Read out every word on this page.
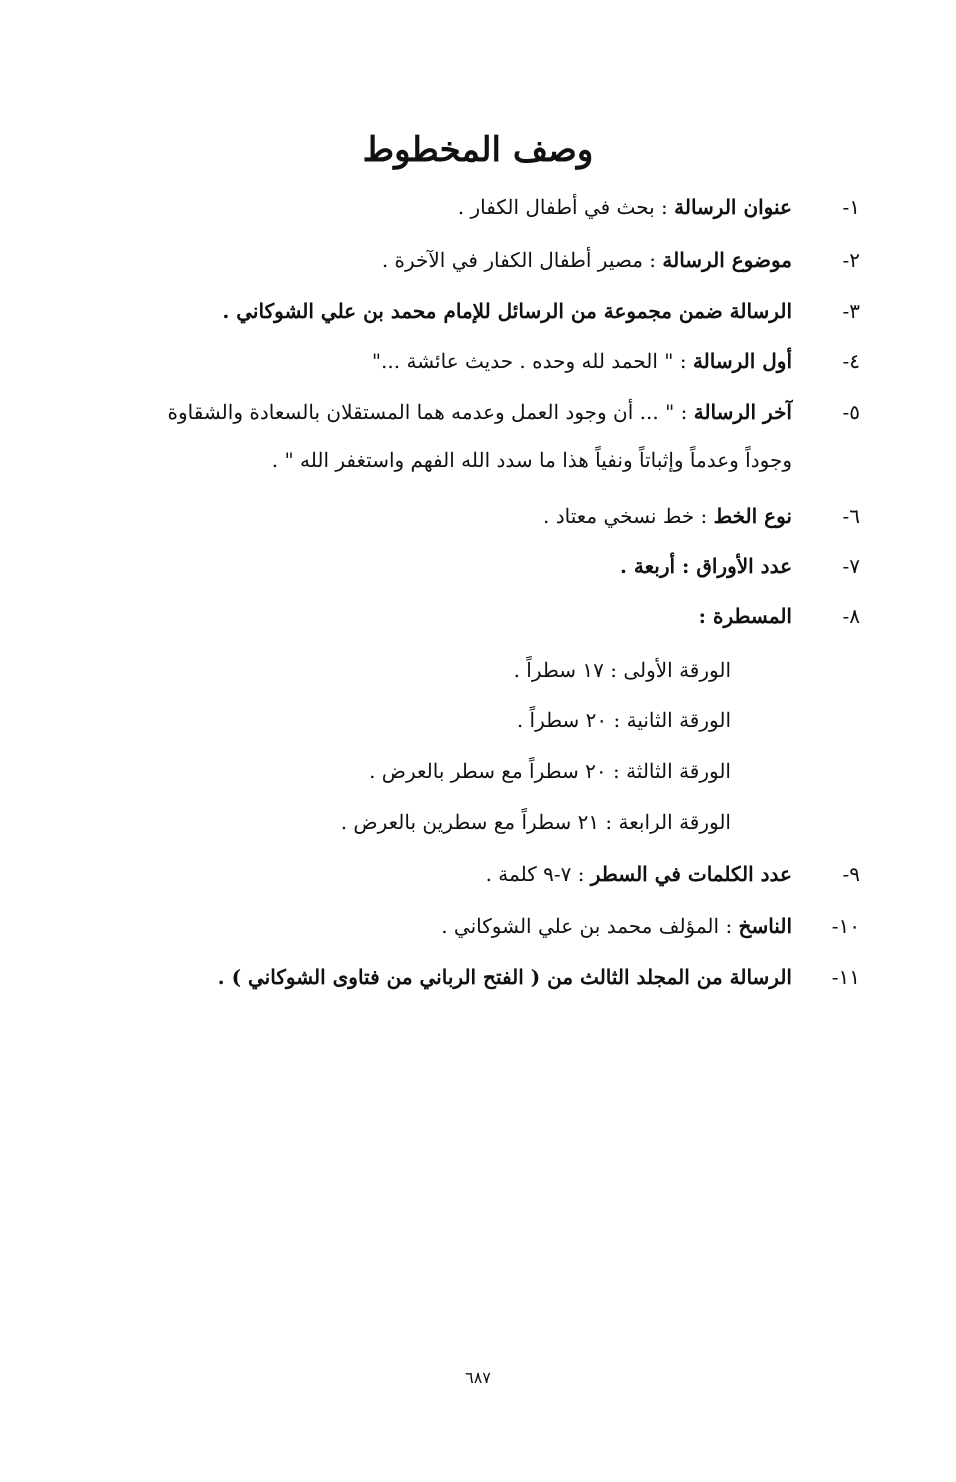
وصف المخطوط
١-عنوان الرسالة : بحث في أطفال الكفار .
٢-موضوع الرسالة : مصير أطفال الكفار في الآخرة .
٣-الرسالة ضمن مجموعة من الرسائل للإمام محمد بن علي الشوكاني .
٤-أول الرسالة : " الحمد لله وحده . حديث عائشة ..."
٥-آخر الرسالة : " ... أن وجود العمل وعدمه هما المستقلان بالسعادة والشقاوة
وجوداً وعدماً وإثباتاً ونفياً هذا ما سدد الله الفهم واستغفر الله " .
٦-نوع الخط : خط نسخي معتاد .
٧-عدد الأوراق : أربعة .
٨-المسطرة :
الورقة الأولى : ١٧ سطراً .
الورقة الثانية : ٢٠ سطراً .
الورقة الثالثة : ٢٠ سطراً مع سطر بالعرض .
الورقة الرابعة : ٢١ سطراً مع سطرين بالعرض .
٩-عدد الكلمات في السطر : ٧-٩ كلمة .
١٠-الناسخ : المؤلف محمد بن علي الشوكاني .
١١-الرسالة من المجلد الثالث من ( الفتح الرباني من فتاوى الشوكاني ) .
٦٨٧
